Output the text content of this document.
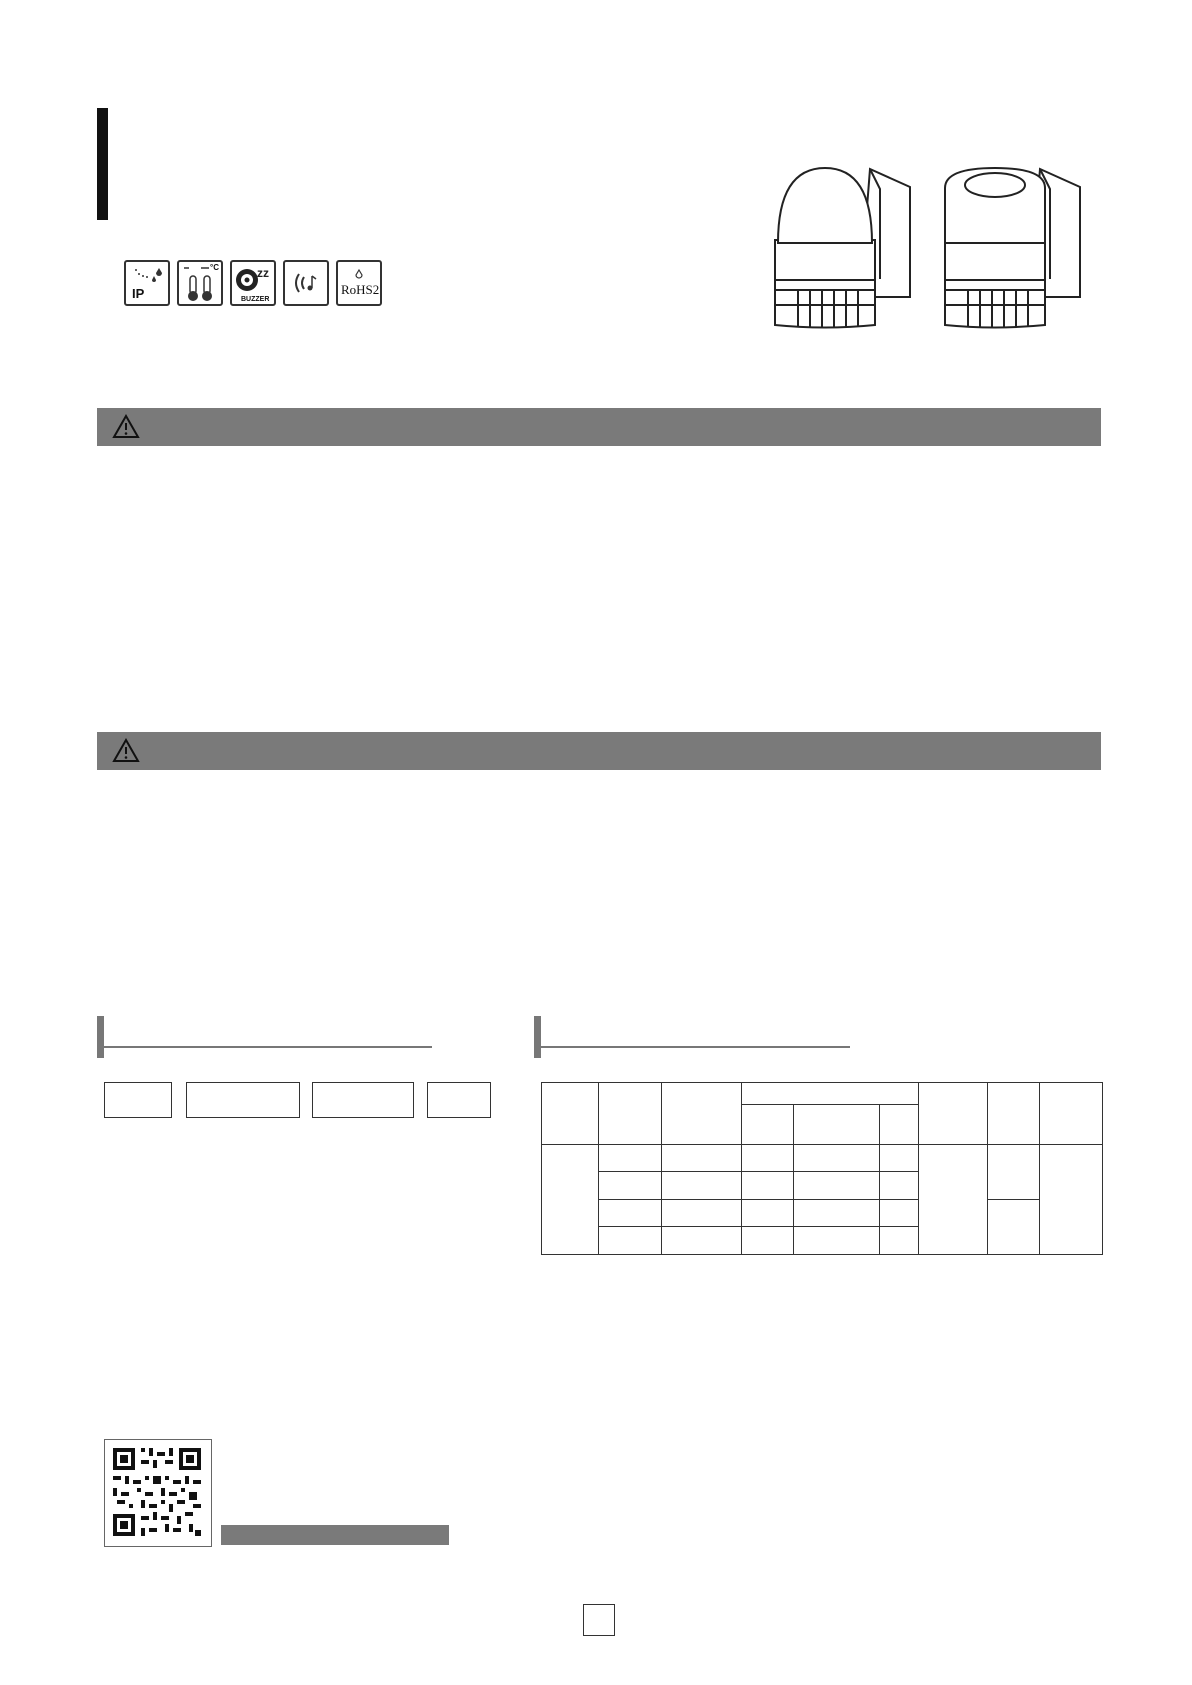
IP
°C	zz
BUZZER
RoHS2
